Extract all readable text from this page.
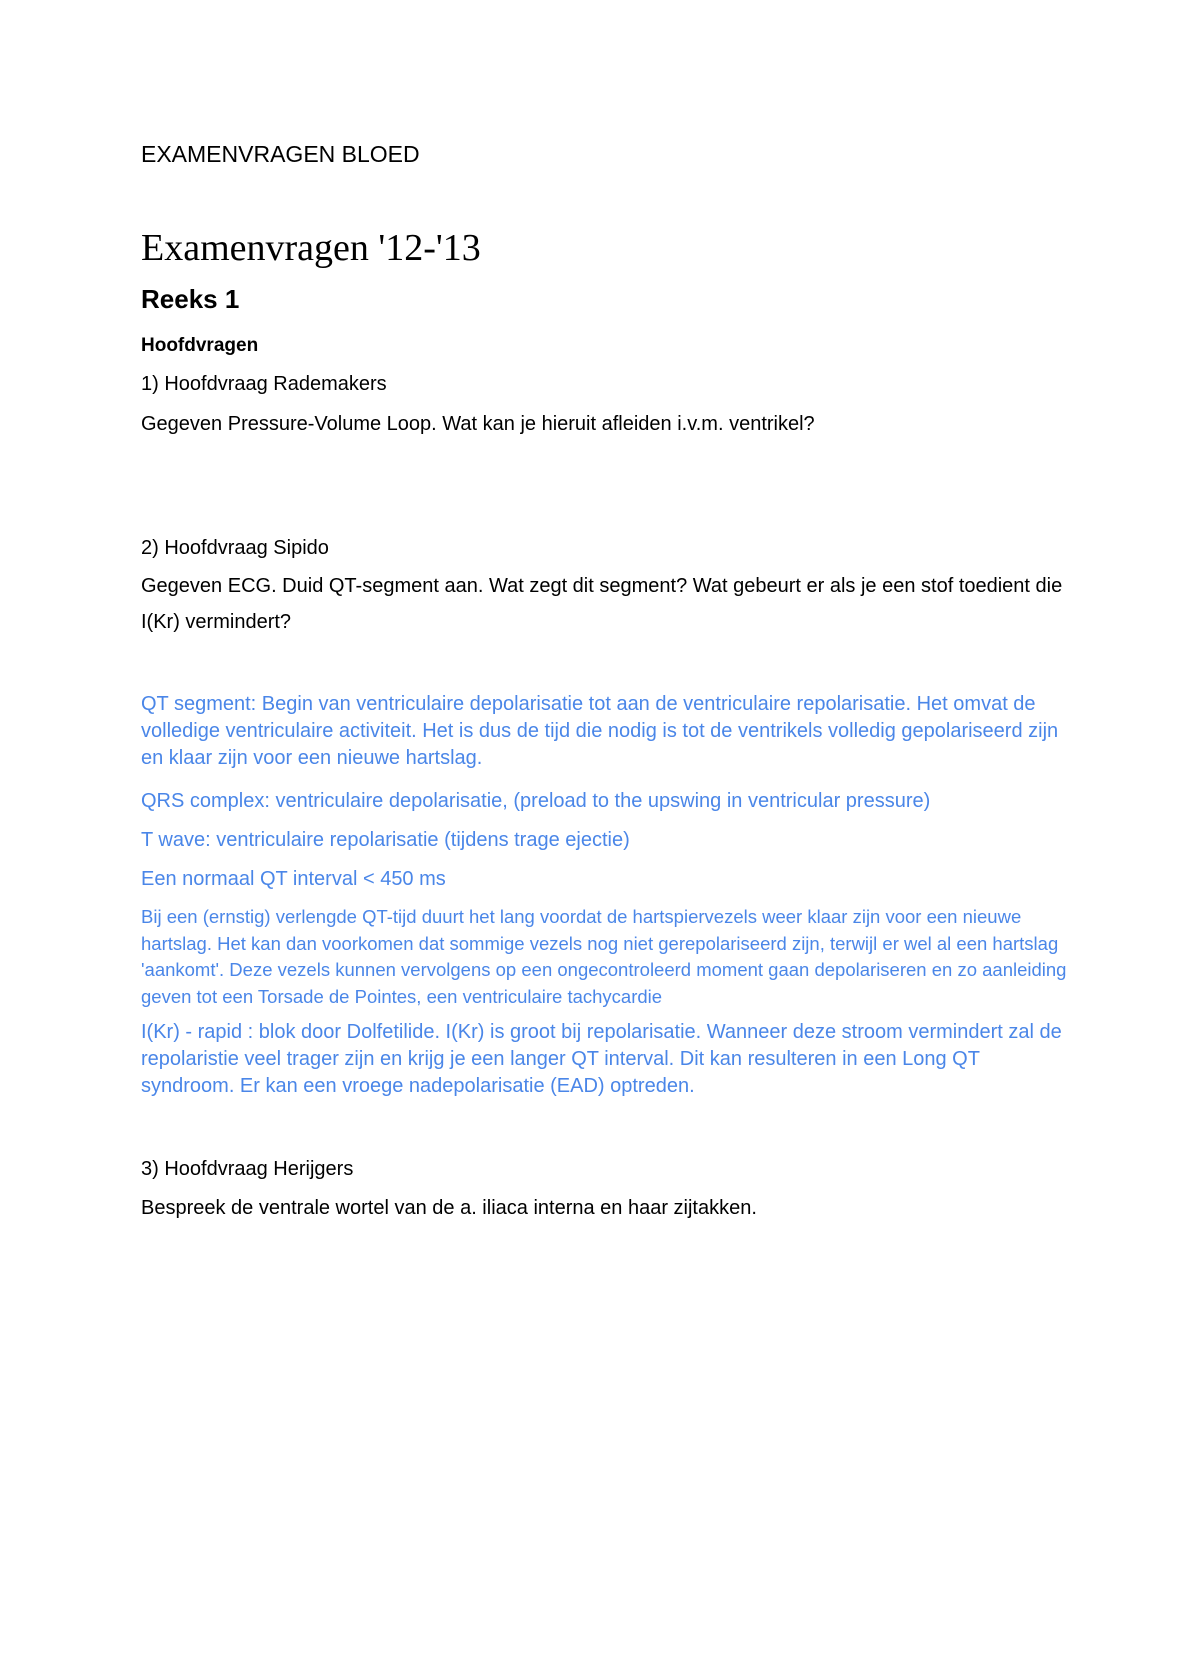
EXAMENVRAGEN BLOED

Examenvragen '12-'13
Reeks 1
Hoofdvragen

1) Hoofdvraag Rademakers

Gegeven Pressure-Volume Loop. Wat kan je hieruit afleiden i.v.m. ventrikel?

2) Hoofdvraag Sipido

Gegeven ECG. Duid QT-segment aan. Wat zegt dit segment? Wat gebeurt er als je een stof toedient die I(Kr) vermindert?

QT segment: Begin van ventriculaire depolarisatie tot aan de ventriculaire repolarisatie. Het omvat de volledige ventriculaire activiteit. Het is dus de tijd die nodig is tot de ventrikels volledig gepolariseerd zijn en klaar zijn voor een nieuwe hartslag.

QRS complex: ventriculaire depolarisatie, (preload to the upswing in ventricular pressure)

T wave: ventriculaire repolarisatie (tijdens trage ejectie)

Een normaal QT interval < 450 ms

Bij een (ernstig) verlengde QT-tijd duurt het lang voordat de hartspiervezels weer klaar zijn voor een nieuwe hartslag. Het kan dan voorkomen dat sommige vezels nog niet gerepolariseerd zijn, terwijl er wel al een hartslag 'aankomt'. Deze vezels kunnen vervolgens op een ongecontroleerd moment gaan depolariseren en zo aanleiding geven tot een Torsade de Pointes, een ventriculaire tachycardie

I(Kr) - rapid : blok door Dolfetilide. I(Kr) is groot bij repolarisatie. Wanneer deze stroom vermindert zal de repolaristie veel trager zijn en krijg je een langer QT interval. Dit kan resulteren in een Long QT syndroom. Er kan een vroege nadepolarisatie (EAD) optreden.

3) Hoofdvraag Herijgers

Bespreek de ventrale wortel van de a. iliaca interna en haar zijtakken.
